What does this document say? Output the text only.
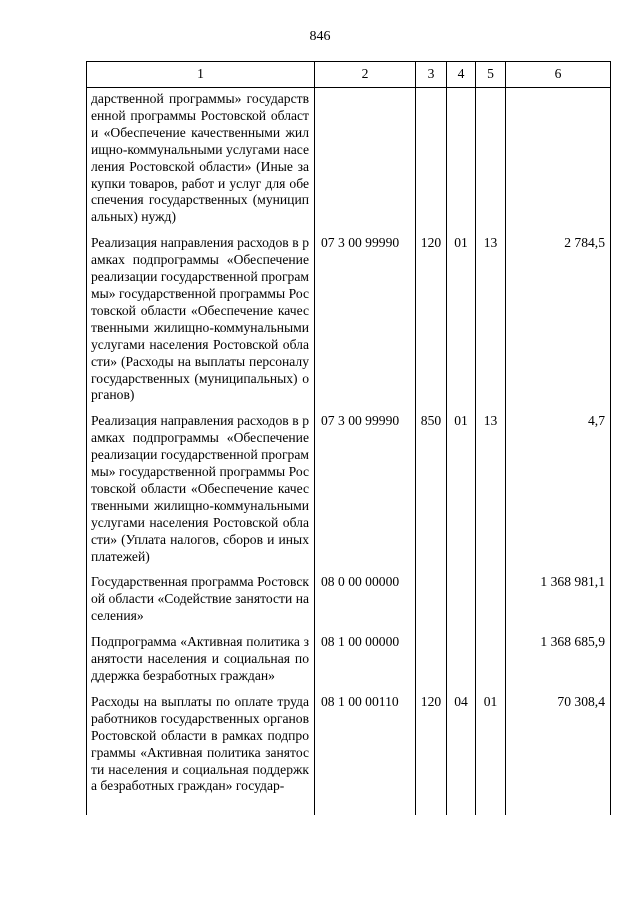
846
1	2	3	4	5	6
дарственной программы» государственной программы Ростовской области «Обеспечение качественными жилищно-коммунальными услугами населения Ростовской области» (Иные закупки товаров, работ и услуг для обеспечения государственных (муниципальных) нужд)					
Реализация направления расходов в рамках подпрограммы «Обеспечение реализации государственной программы» государственной программы Ростовской области «Обеспечение качественными жилищно-коммунальными услугами населения Ростовской области» (Расходы на выплаты персоналу государственных (муниципальных) органов)	07 3 00 99990	120	01	13	2 784,5
Реализация направления расходов в рамках подпрограммы «Обеспечение реализации государственной программы» государственной программы Ростовской области «Обеспечение качественными жилищно-коммунальными услугами населения Ростовской области» (Уплата налогов, сборов и иных платежей)	07 3 00 99990	850	01	13	4,7
Государственная программа Ростовской области «Содействие занятости населения»	08 0 00 00000				1 368 981,1
Подпрограмма «Активная политика занятости населения и социальная поддержка безработных граждан»	08 1 00 00000				1 368 685,9
Расходы на выплаты по оплате труда работников государственных органов Ростовской области в рамках подпрограммы «Активная политика занятости населения и социальная поддержка безработных граждан» государ-	08 1 00 00110	120	04	01	70 308,4
